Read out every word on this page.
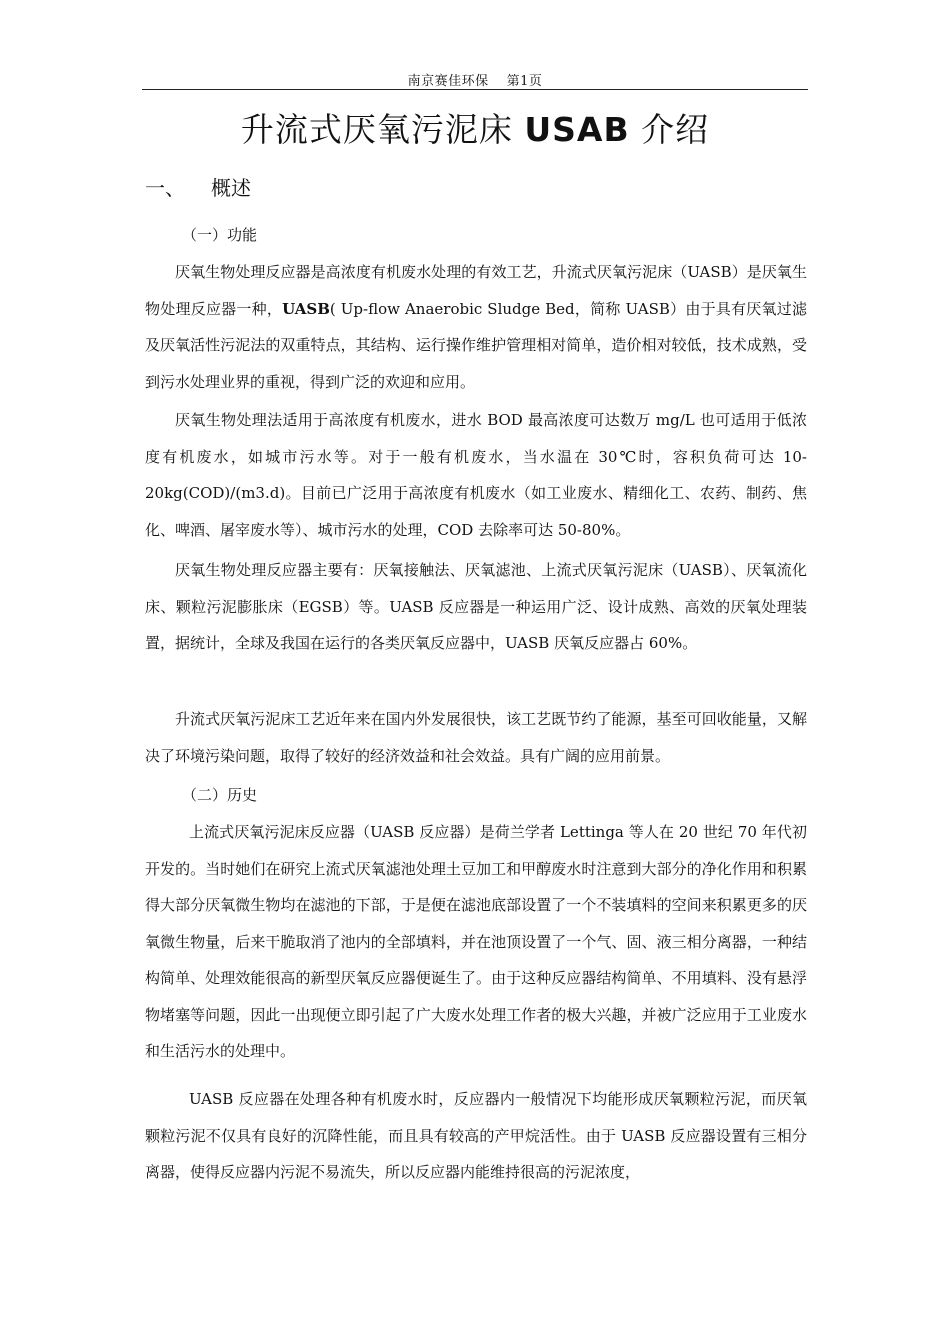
南京赛佳环保 第1页
升流式厌氧污泥床 USAB 介绍
一、 概述
（一）功能

厌氧生物处理反应器是高浓度有机废水处理的有效工艺，升流式厌氧污泥床（UASB）是厌氧生物处理反应器一种，UASB( Up-flow Anaerobic Sludge Bed，简称 UASB）由于具有厌氧过滤及厌氧活性污泥法的双重特点，其结构、运行操作维护管理相对简单，造价相对较低，技术成熟，受到污水处理业界的重视，得到广泛的欢迎和应用。

厌氧生物处理法适用于高浓度有机废水，进水 BOD 最高浓度可达数万 mg/L 也可适用于低浓度有机废水，如城市污水等。对于一般有机废水，当水温在 30℃时，容积负荷可达 10-20kg(COD)/(m3.d)。目前已广泛用于高浓度有机废水（如工业废水、精细化工、农药、制药、焦化、啤酒、屠宰废水等）、城市污水的处理，COD 去除率可达 50-80%。

厌氧生物处理反应器主要有：厌氧接触法、厌氧滤池、上流式厌氧污泥床（UASB）、厌氧流化床、颗粒污泥膨胀床（EGSB）等。UASB 反应器是一种运用广泛、设计成熟、高效的厌氧处理装置，据统计，全球及我国在运行的各类厌氧反应器中，UASB 厌氧反应器占 60%。

升流式厌氧污泥床工艺近年来在国内外发展很快，该工艺既节约了能源，基至可回收能量，又解决了环境污染问题，取得了较好的经济效益和社会效益。具有广阔的应用前景。

（二）历史

上流式厌氧污泥床反应器（UASB 反应器）是荷兰学者 Lettinga 等人在 20 世纪 70 年代初开发的。当时她们在研究上流式厌氧滤池处理土豆加工和甲醇废水时注意到大部分的净化作用和积累得大部分厌氧微生物均在滤池的下部，于是便在滤池底部设置了一个不装填料的空间来积累更多的厌氧微生物量，后来干脆取消了池内的全部填料，并在池顶设置了一个气、固、液三相分离器，一种结构简单、处理效能很高的新型厌氧反应器便诞生了。由于这种反应器结构简单、不用填料、没有悬浮物堵塞等问题，因此一出现便立即引起了广大废水处理工作者的极大兴趣，并被广泛应用于工业废水和生活污水的处理中。

UASB 反应器在处理各种有机废水时，反应器内一般情况下均能形成厌氧颗粒污泥，而厌氧颗粒污泥不仅具有良好的沉降性能，而且具有较高的产甲烷活性。由于 UASB 反应器设置有三相分离器，使得反应器内污泥不易流失，所以反应器内能维持很高的污泥浓度，
